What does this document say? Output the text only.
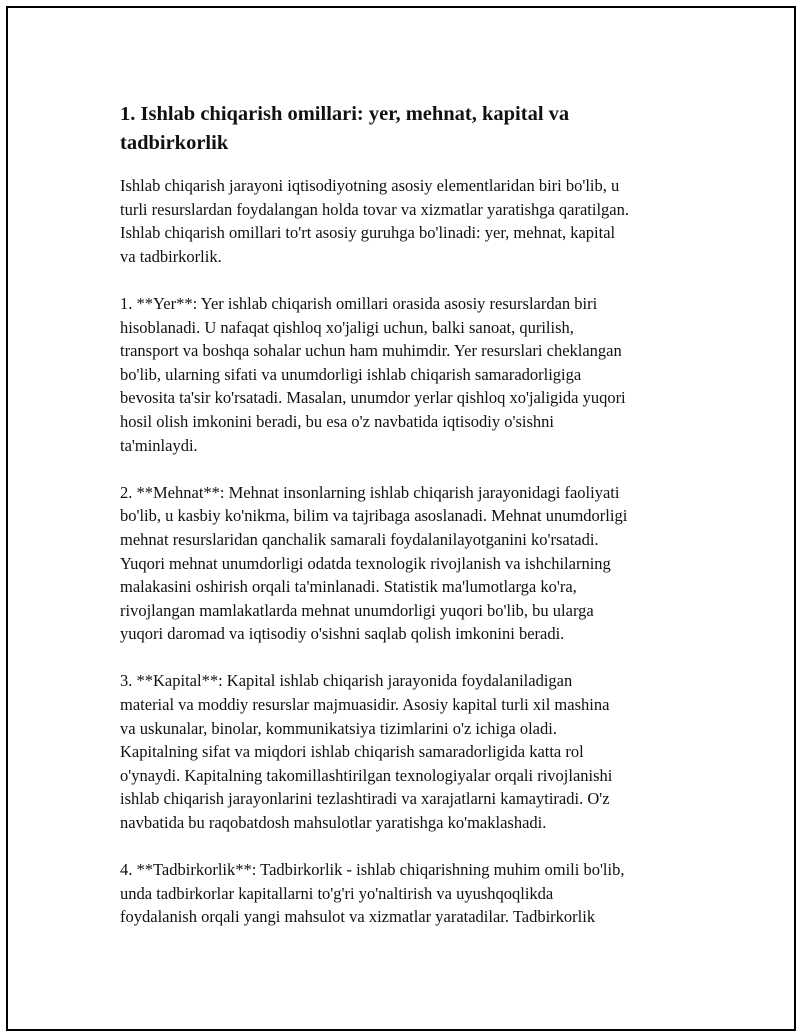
1. Ishlab chiqarish omillari: yer, mehnat, kapital va
tadbirkorlik

Ishlab chiqarish jarayoni iqtisodiyotning asosiy elementlaridan biri bo'lib, u
turli resurslardan foydalangan holda tovar va xizmatlar yaratishga qaratilgan.
Ishlab chiqarish omillari to'rt asosiy guruhga bo'linadi: yer, mehnat, kapital
va tadbirkorlik.

1. **Yer**: Yer ishlab chiqarish omillari orasida asosiy resurslardan biri
hisoblanadi. U nafaqat qishloq xo'jaligi uchun, balki sanoat, qurilish,
transport va boshqa sohalar uchun ham muhimdir. Yer resurslari cheklangan
bo'lib, ularning sifati va unumdorligi ishlab chiqarish samaradorligiga
bevosita ta'sir ko'rsatadi. Masalan, unumdor yerlar qishloq xo'jaligida yuqori
hosil olish imkonini beradi, bu esa o'z navbatida iqtisodiy o'sishni
ta'minlaydi.

2. **Mehnat**: Mehnat insonlarning ishlab chiqarish jarayonidagi faoliyati
bo'lib, u kasbiy ko'nikma, bilim va tajribaga asoslanadi. Mehnat unumdorligi
mehnat resurslaridan qanchalik samarali foydalanilayotganini ko'rsatadi.
Yuqori mehnat unumdorligi odatda texnologik rivojlanish va ishchilarning
malakasini oshirish orqali ta'minlanadi. Statistik ma'lumotlarga ko'ra,
rivojlangan mamlakatlarda mehnat unumdorligi yuqori bo'lib, bu ularga
yuqori daromad va iqtisodiy o'sishni saqlab qolish imkonini beradi.

3. **Kapital**: Kapital ishlab chiqarish jarayonida foydalaniladigan
material va moddiy resurslar majmuasidir. Asosiy kapital turli xil mashina
va uskunalar, binolar, kommunikatsiya tizimlarini o'z ichiga oladi.
Kapitalning sifat va miqdori ishlab chiqarish samaradorligida katta rol
o'ynaydi. Kapitalning takomillashtirilgan texnologiyalar orqali rivojlanishi
ishlab chiqarish jarayonlarini tezlashtiradi va xarajatlarni kamaytiradi. O'z
navbatida bu raqobatdosh mahsulotlar yaratishga ko'maklashadi.

4. **Tadbirkorlik**: Tadbirkorlik - ishlab chiqarishning muhim omili bo'lib,
unda tadbirkorlar kapitallarni to'g'ri yo'naltirish va uyushqoqlikda
foydalanish orqali yangi mahsulot va xizmatlar yaratadilar. Tadbirkorlik
